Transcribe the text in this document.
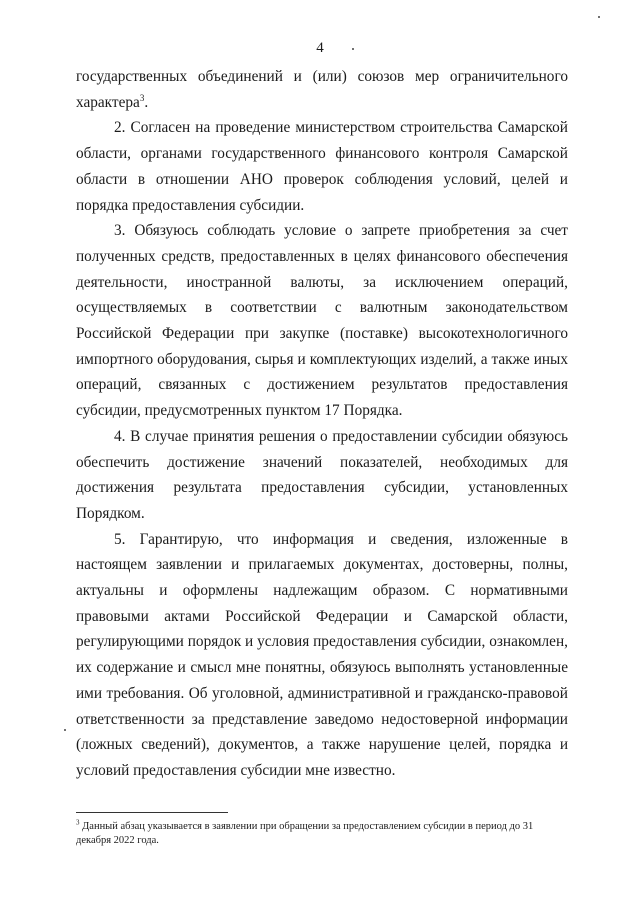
4

государственных объединений и (или) союзов мер ограничительного характера$^3$.

2. Согласен на проведение министерством строительства Самарской области, органами государственного финансового контроля Самарской области в отношении АНО проверок соблюдения условий, целей и порядка предоставления субсидии.

3. Обязуюсь соблюдать условие о запрете приобретения за счет полученных средств, предоставленных в целях финансового обеспечения деятельности, иностранной валюты, за исключением операций, осуществляемых в соответствии с валютным законодательством Российской Федерации при закупке (поставке) высокотехнологичного импортного оборудования, сырья и комплектующих изделий, а также иных операций, связанных с достижением результатов предоставления субсидии, предусмотренных пунктом 17 Порядка.

4. В случае принятия решения о предоставлении субсидии обязуюсь обеспечить достижение значений показателей, необходимых для достижения результата предоставления субсидии, установленных Порядком.

5. Гарантирую, что информация и сведения, изложенные в настоящем заявлении и прилагаемых документах, достоверны, полны, актуальны и оформлены надлежащим образом. С нормативными правовыми актами Российской Федерации и Самарской области, регулирующими порядок и условия предоставления субсидии, ознакомлен, их содержание и смысл мне понятны, обязуюсь выполнять установленные ими требования. Об уголовной, административной и гражданско-правовой ответственности за представление заведомо недостоверной информации (ложных сведений), документов, а также нарушение целей, порядка и условий предоставления субсидии мне известно.

$^3$ Данный абзац указывается в заявлении при обращении за предоставлением субсидии в период до 31 декабря 2022 года.
